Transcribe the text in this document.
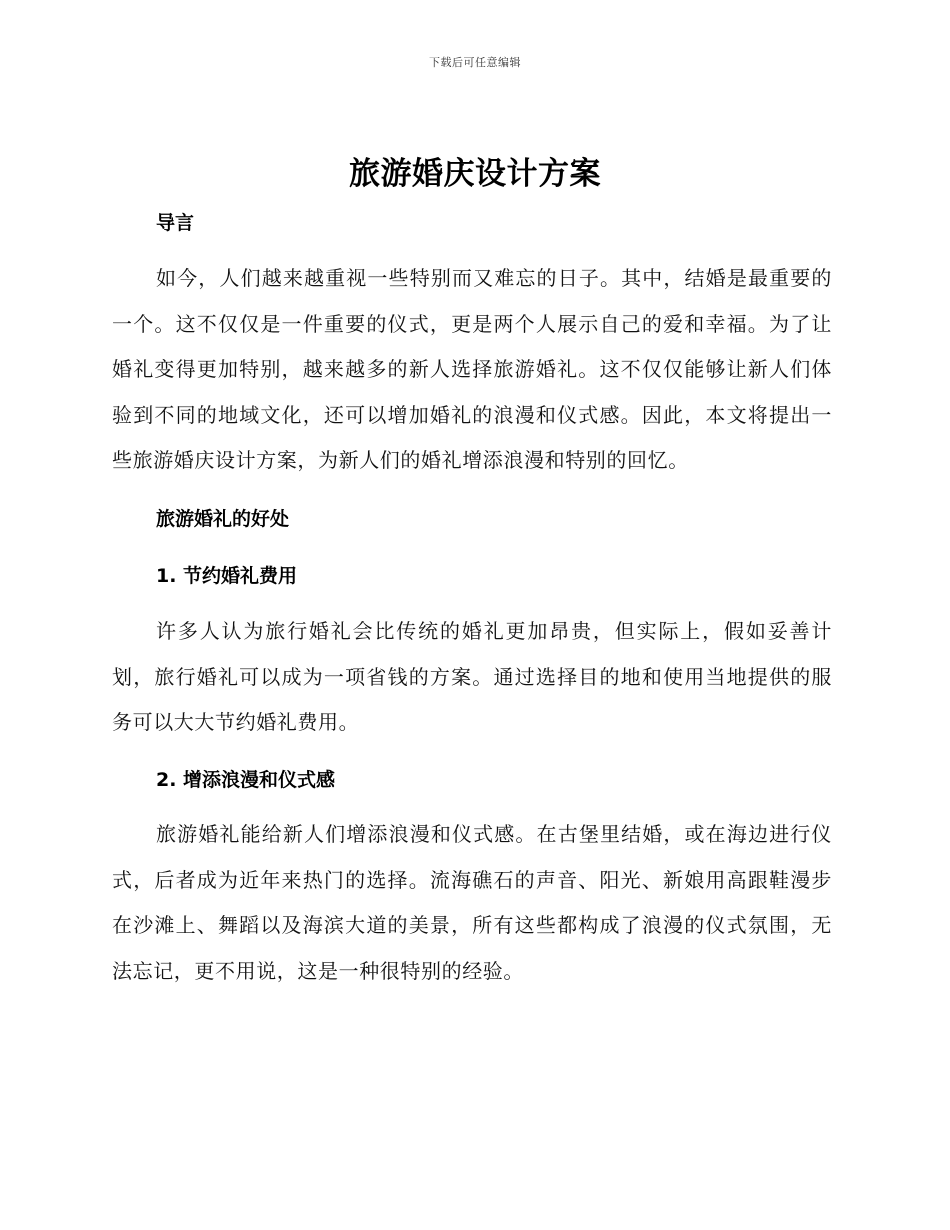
下载后可任意编辑
旅游婚庆设计方案
导言

如今，人们越来越重视一些特别而又难忘的日子。其中，结婚是最重要的一个。这不仅仅是一件重要的仪式，更是两个人展示自己的爱和幸福。为了让婚礼变得更加特别，越来越多的新人选择旅游婚礼。这不仅仅能够让新人们体验到不同的地域文化，还可以增加婚礼的浪漫和仪式感。因此，本文将提出一些旅游婚庆设计方案，为新人们的婚礼增添浪漫和特别的回忆。

旅游婚礼的好处
1. 节约婚礼费用

许多人认为旅行婚礼会比传统的婚礼更加昂贵，但实际上，假如妥善计划，旅行婚礼可以成为一项省钱的方案。通过选择目的地和使用当地提供的服务可以大大节约婚礼费用。

2. 增添浪漫和仪式感

旅游婚礼能给新人们增添浪漫和仪式感。在古堡里结婚，或在海边进行仪式，后者成为近年来热门的选择。流海礁石的声音、阳光、新娘用高跟鞋漫步在沙滩上、舞蹈以及海滨大道的美景，所有这些都构成了浪漫的仪式氛围，无法忘记，更不用说，这是一种很特别的经验。
